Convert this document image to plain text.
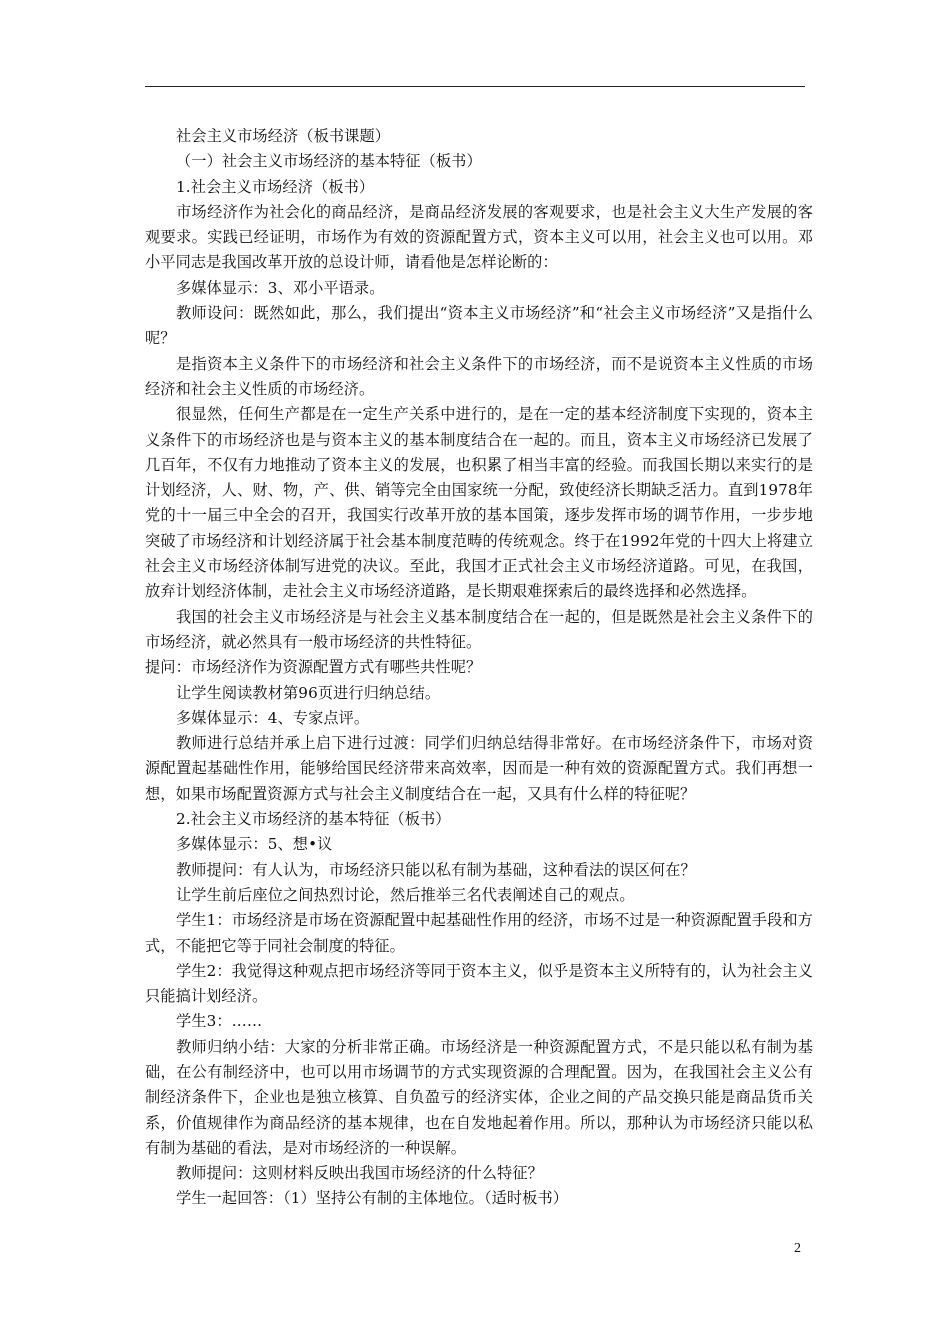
社会主义市场经济（板书课题）

（一）社会主义市场经济的基本特征（板书）

1.社会主义市场经济（板书）

市场经济作为社会化的商品经济，是商品经济发展的客观要求，也是社会主义大生产发展的客观要求。实践已经证明，市场作为有效的资源配置方式，资本主义可以用，社会主义也可以用。邓小平同志是我国改革开放的总设计师，请看他是怎样论断的：

多媒体显示：3、邓小平语录。

教师设问：既然如此，那么，我们提出“资本主义市场经济”和“社会主义市场经济”又是指什么呢？

是指资本主义条件下的市场经济和社会主义条件下的市场经济，而不是说资本主义性质的市场经济和社会主义性质的市场经济。

很显然，任何生产都是在一定生产关系中进行的，是在一定的基本经济制度下实现的，资本主义条件下的市场经济也是与资本主义的基本制度结合在一起的。而且，资本主义市场经济已发展了几百年，不仅有力地推动了资本主义的发展，也积累了相当丰富的经验。而我国长期以来实行的是计划经济，人、财、物，产、供、销等完全由国家统一分配，致使经济长期缺乏活力。直到1978年党的十一届三中全会的召开，我国实行改革开放的基本国策，逐步发挥市场的调节作用，一步步地突破了市场经济和计划经济属于社会基本制度范畴的传统观念。终于在1992年党的十四大上将建立社会主义市场经济体制写进党的决议。至此，我国才正式社会主义市场经济道路。可见，在我国，放弃计划经济体制，走社会主义市场经济道路，是长期艰难探索后的最终选择和必然选择。

我国的社会主义市场经济是与社会主义基本制度结合在一起的，但是既然是社会主义条件下的市场经济，就必然具有一般市场经济的共性特征。

提问：市场经济作为资源配置方式有哪些共性呢？

让学生阅读教材第96页进行归纳总结。

多媒体显示：4、专家点评。

教师进行总结并承上启下进行过渡：同学们归纳总结得非常好。在市场经济条件下，市场对资源配置起基础性作用，能够给国民经济带来高效率，因而是一种有效的资源配置方式。我们再想一想，如果市场配置资源方式与社会主义制度结合在一起，又具有什么样的特征呢？

2.社会主义市场经济的基本特征（板书）

多媒体显示：5、想•议

教师提问：有人认为，市场经济只能以私有制为基础，这种看法的误区何在？

让学生前后座位之间热烈讨论，然后推举三名代表阐述自己的观点。

学生1：市场经济是市场在资源配置中起基础性作用的经济，市场不过是一种资源配置手段和方式，不能把它等于同社会制度的特征。

学生2：我觉得这种观点把市场经济等同于资本主义，似乎是资本主义所特有的，认为社会主义只能搞计划经济。

学生3：……

教师归纳小结：大家的分析非常正确。市场经济是一种资源配置方式，不是只能以私有制为基础，在公有制经济中，也可以用市场调节的方式实现资源的合理配置。因为，在我国社会主义公有制经济条件下，企业也是独立核算、自负盈亏的经济实体，企业之间的产品交换只能是商品货币关系，价值规律作为商品经济的基本规律，也在自发地起着作用。所以，那种认为市场经济只能以私有制为基础的看法，是对市场经济的一种误解。

教师提问：这则材料反映出我国市场经济的什么特征？

学生一起回答：（1）坚持公有制的主体地位。（适时板书）

2
